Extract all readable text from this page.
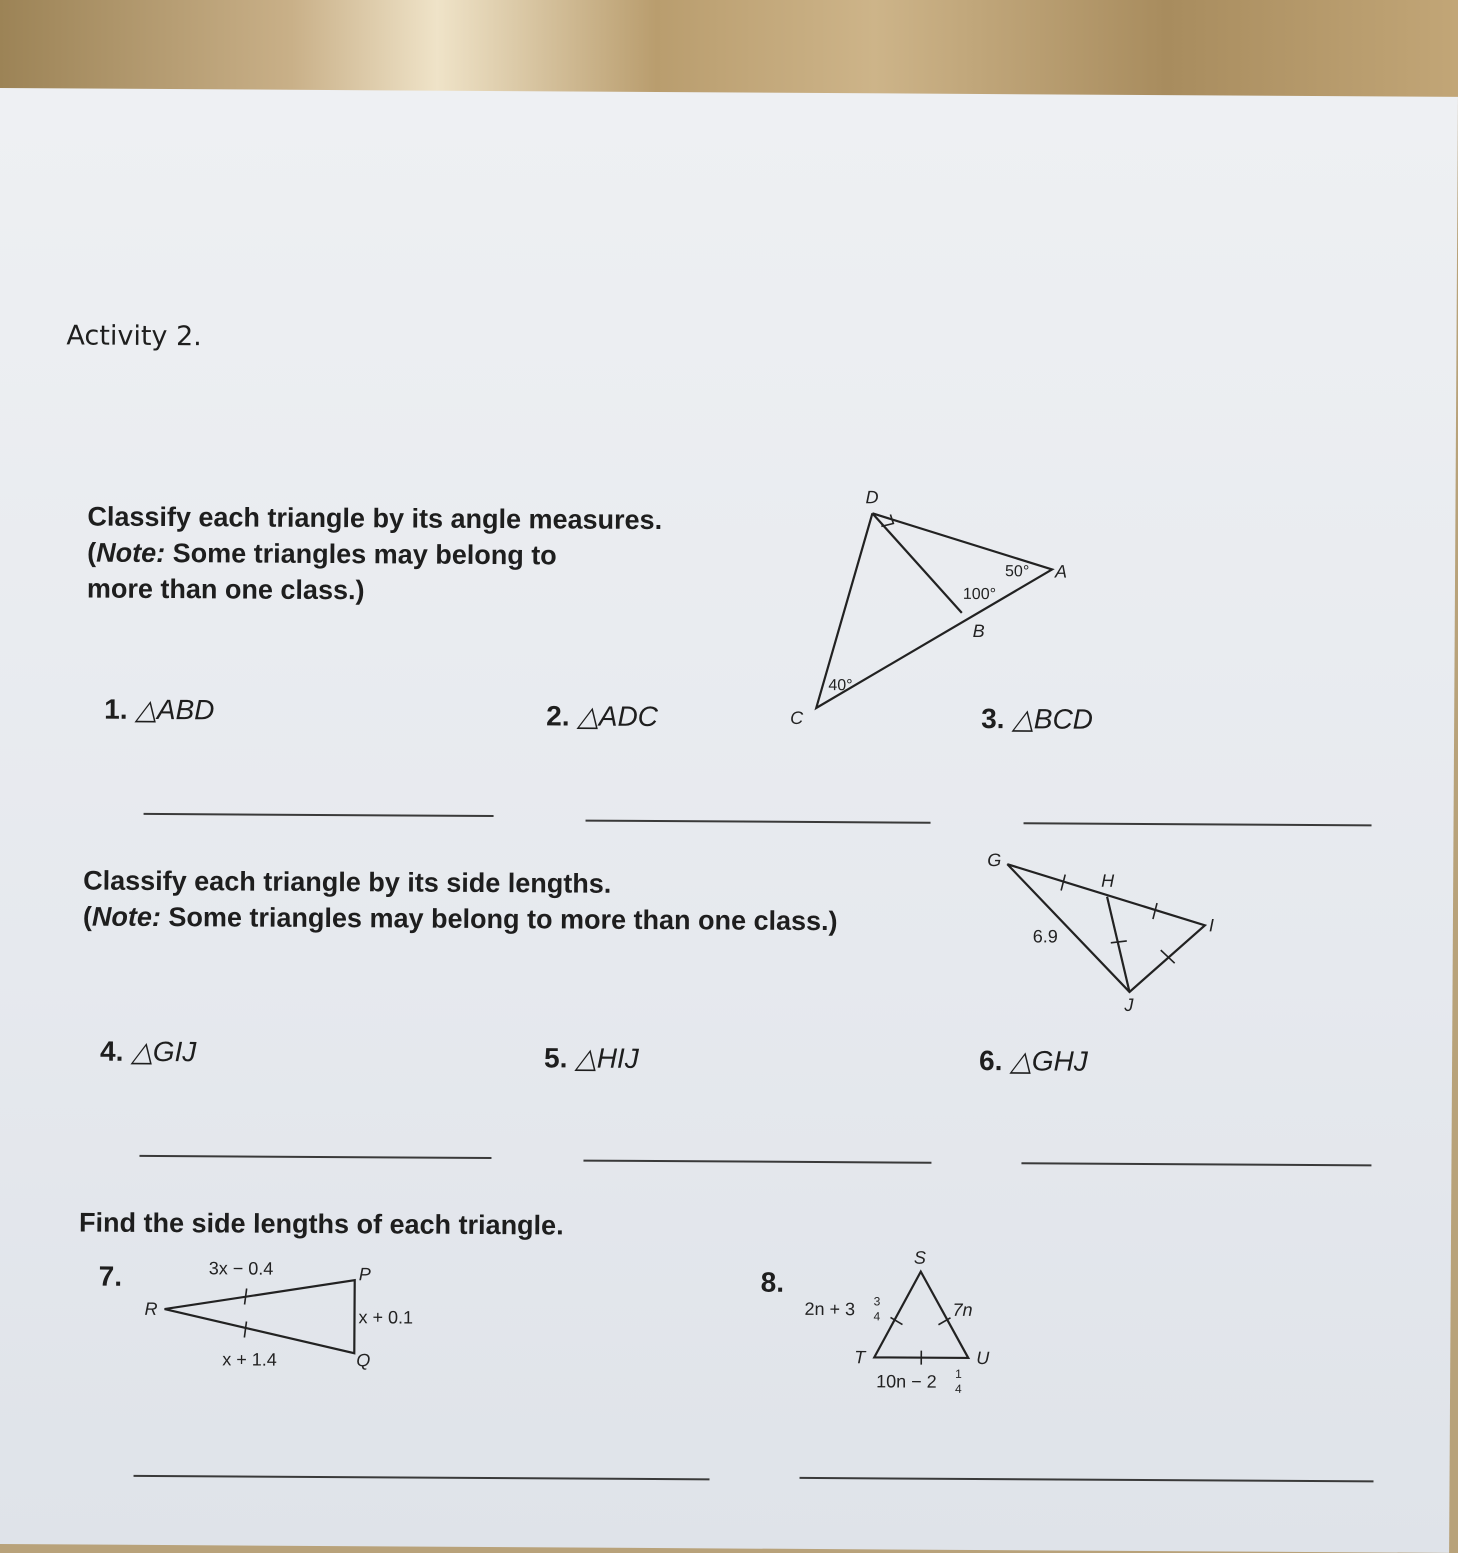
Activity 2.

Classify each triangle by its angle measures.
(Note: Some triangles may belong to
more than one class.)
1. △ABD	2. △ADC	3. △BCD
D
A
B
C
50°
100°
40°
Classify each triangle by its side lengths.
(Note: Some triangles may belong to more than one class.)
4. △GIJ	5. △HIJ	6. △GHJ
G
H
I
J
6.9
Find the side lengths of each triangle.
7.	8.
R
P
Q
3x − 0.4
x + 0.1
x + 1.4
S
T	U
2n + 3 3
4	7n
10n − 2 1
4
